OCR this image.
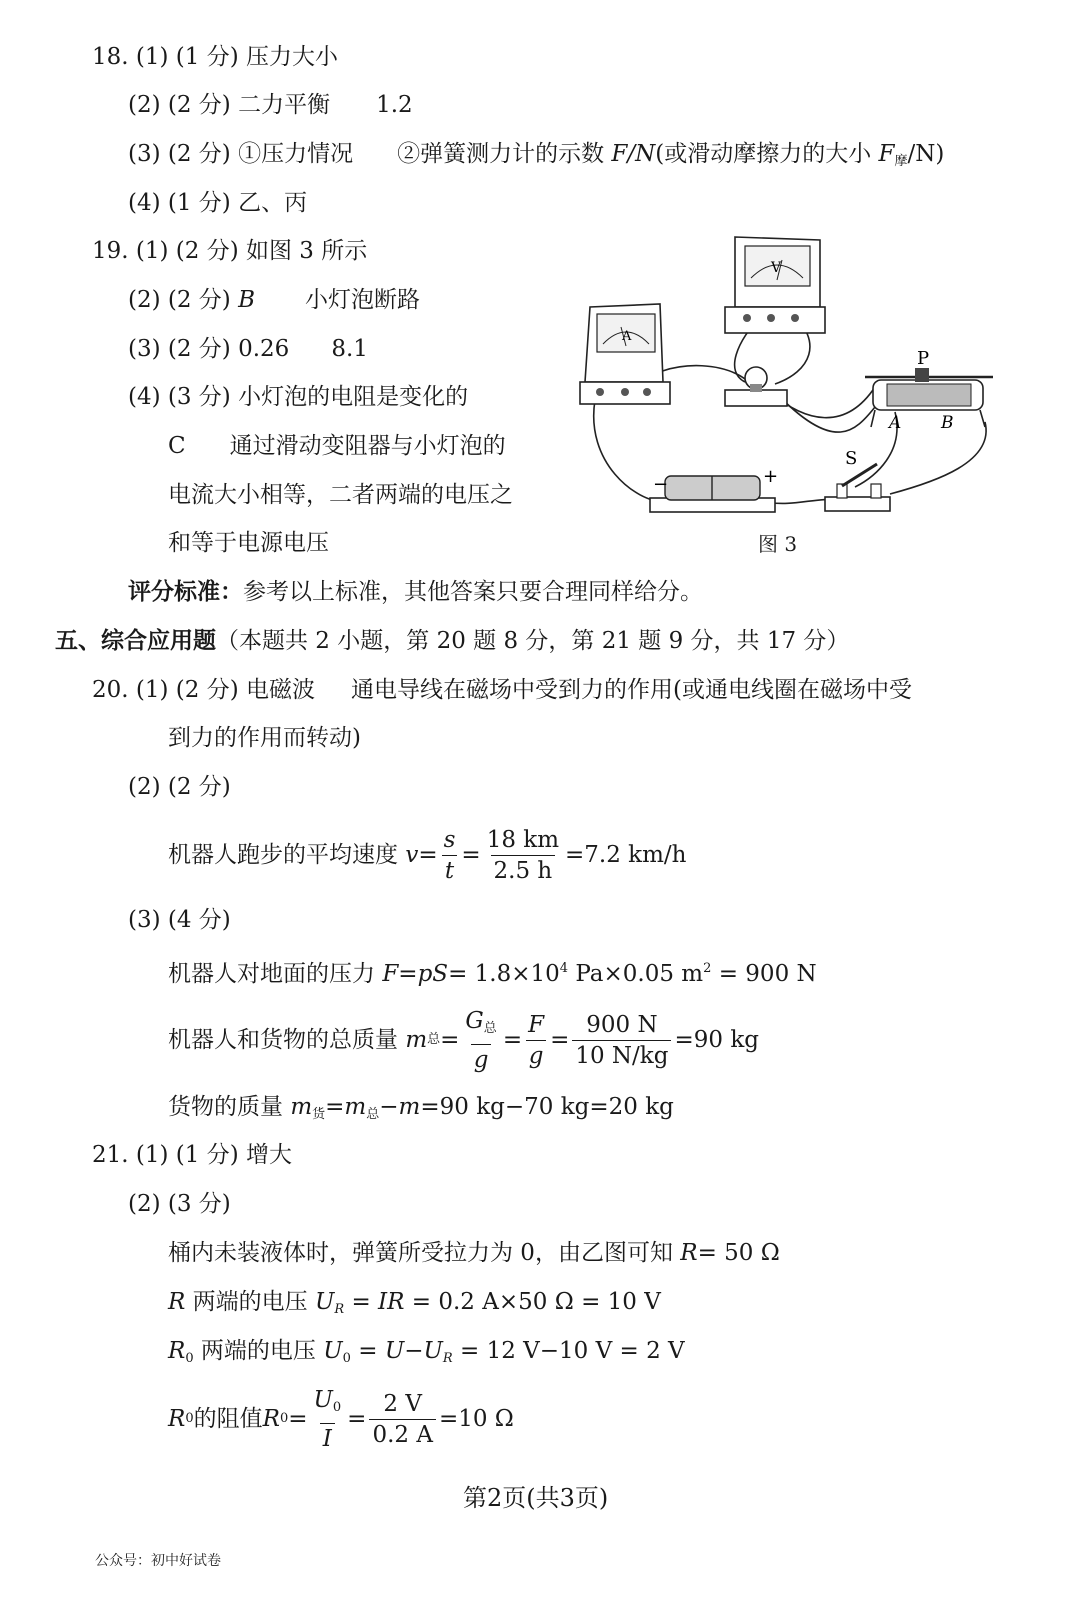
18. (1) (1 分) 压力大小
(2) (2 分) 二力平衡 1.2
(3) (2 分) ①压力情况 ②弹簧测力计的示数 F/N(或滑动摩擦力的大小 $F_摩/N$)
(4) (1 分) 乙、丙
19. (1) (2 分) 如图 3 所示
(2) (2 分) B 小灯泡断路
(3) (2 分) 0.26 8.1
(4) (3 分) 小灯泡的电阻是变化的
C 通过滑动变阻器与小灯泡的
电流大小相等，二者两端的电压之
和等于电源电压
A
V
P
A B
−	+
S
图 3
评分标准：参考以上标准，其他答案只要合理同样给分。
五、综合应用题（本题共 2 小题，第 20 题 8 分，第 21 题 9 分，共 17 分）
20. (1) (2 分) 电磁波 通电导线在磁场中受到力的作用(或通电线圈在磁场中受
到力的作用而转动)
(2) (2 分)
机器人跑步的平均速度
$v = \frac{s}{t} = \frac{18 km}{2.5 h} =7.2$ km/h
(3) (4 分)
机器人对地面的压力 $F=pS= 1.8\times 10^4$ Pa×0.05 $m^2 = 900$ N
机器人和货物的总质量
m 总 = $\frac{G_总}{g} = \frac{F}{g} = \frac{900 N}{10 N/kg} =90$ kg
货物的质量 $m_货=m_总-m=90$ kg−70 kg=20 kg
21. (1) (1 分) 增大
(2) (3 分)
桶内未装液体时，弹簧所受拉力为 0，由乙图可知 R= 50 Ω
R 两端的电压 $U_R$ = IR = 0.2 A×50 Ω = 10 V
$R_0$ 两端的电压 $U_0 = U-U_R = 12$ V−10 V = 2 V
R 0 的阻值 R $0 = \frac{U_0}{I} = \frac{2 V}{0.2 A} =10$ Ω
第2页(共3页)
公众号：初中好试卷
